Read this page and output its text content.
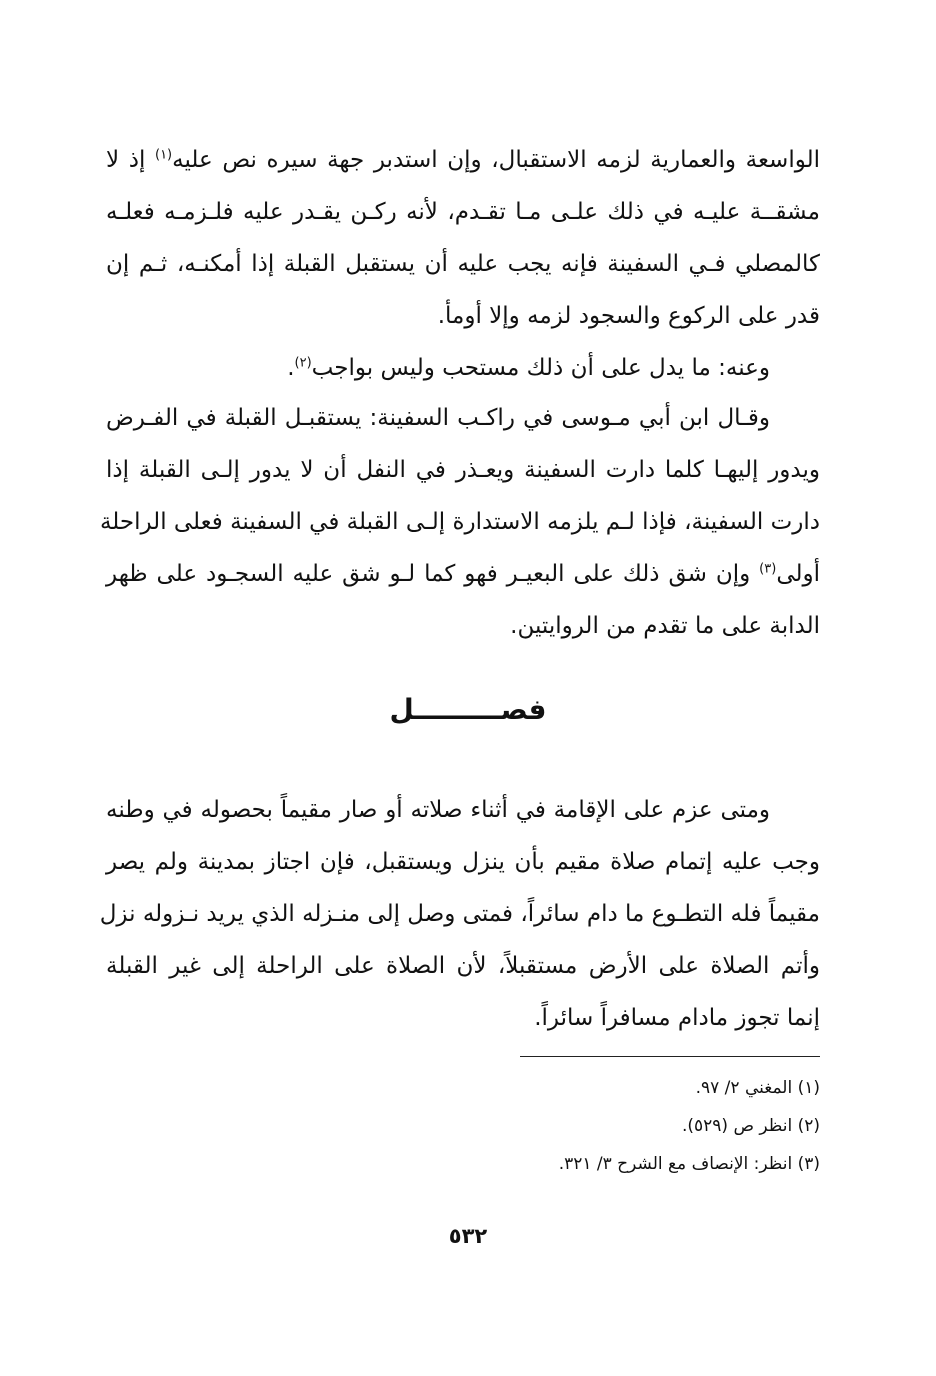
الواسعة والعمارية لزمه الاستقبال، وإن استدبر جهة سيره نص عليه$^{(١)}$ إذ لا
مشقــة عليـه في ذلك علـى مـا تقـدم، لأنه ركـن يقـدر عليه فلـزمـه فعلـه
كالمصلي فـي السفينة فإنه يجب عليه أن يستقبل القبلة إذا أمكنـه، ثـم إن
قدر على الركوع والسجود لزمه وإلا أومأ.
وعنه: ما يدل على أن ذلك مستحب وليس بواجب$^{(٢)}$.
وقـال ابن أبي مـوسى في راكـب السفينة: يستقبـل القبلة في الفـرض
ويدور إليهـا كلما دارت السفينة ويعـذر في النفل أن لا يدور إلـى القبلة إذا
دارت السفينة، فإذا لـم يلزمه الاستدارة إلـى القبلة في السفينة فعلى الراحلة
أولى$^{(٣)}$ وإن شق ذلك على البعيـر فهو كما لـو شق عليه السجـود على ظهر
الدابة على ما تقدم من الروايتين.
فصـــــــــل
ومتى عزم على الإقامة في أثناء صلاته أو صار مقيماً بحصوله في وطنه
وجب عليه إتمام صلاة مقيم بأن ينزل ويستقبل، فإن اجتاز بمدينة ولم يصر
مقيماً فله التطـوع ما دام سائراً، فمتى وصل إلى منـزله الذي يريد نـزوله نزل
وأتم الصلاة على الأرض مستقبلاً، لأن الصلاة على الراحلة إلى غير القبلة
إنما تجوز مادام مسافراً سائراً.
(١) المغني ٢/ ٩٧.
(٢) انظر ص (٥٢٩).
(٣) انظر: الإنصاف مع الشرح ٣/ ٣٢١.
٥٣٢
